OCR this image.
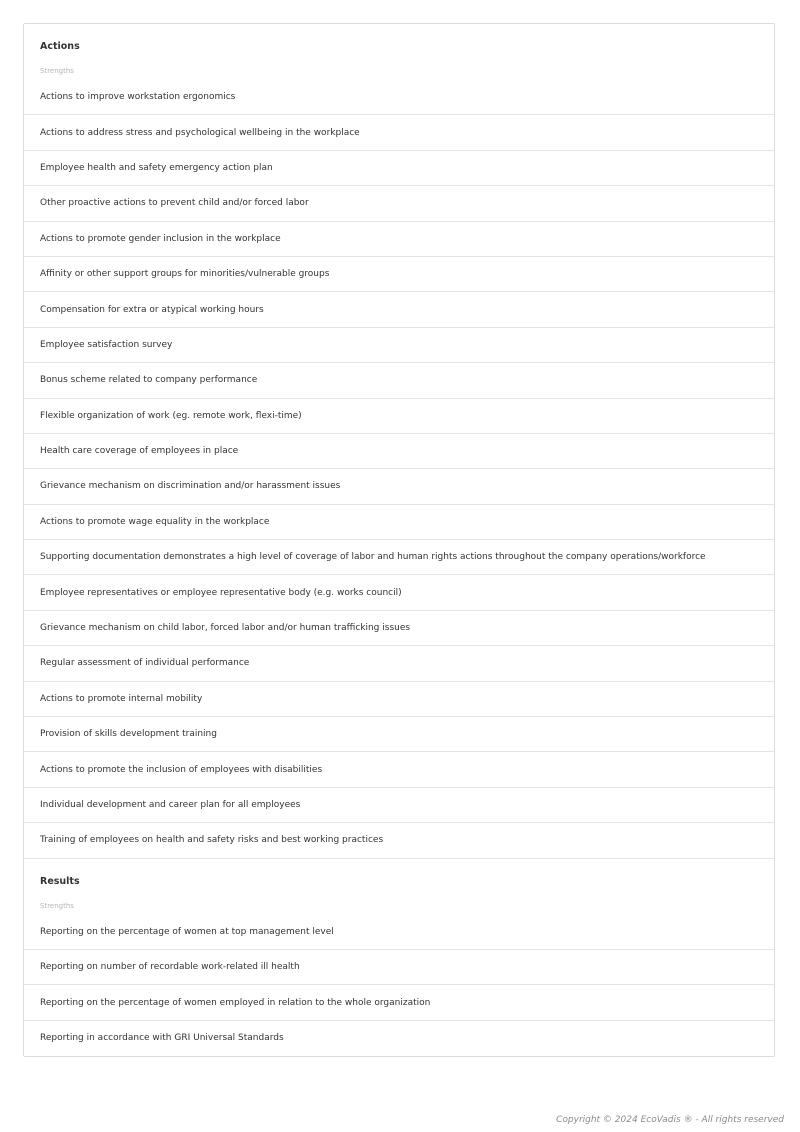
Actions
Strengths
Actions to improve workstation ergonomics
Actions to address stress and psychological wellbeing in the workplace
Employee health and safety emergency action plan
Other proactive actions to prevent child and/or forced labor
Actions to promote gender inclusion in the workplace
Affinity or other support groups for minorities/vulnerable groups
Compensation for extra or atypical working hours
Employee satisfaction survey
Bonus scheme related to company performance
Flexible organization of work (eg. remote work, flexi-time)
Health care coverage of employees in place
Grievance mechanism on discrimination and/or harassment issues
Actions to promote wage equality in the workplace
Supporting documentation demonstrates a high level of coverage of labor and human rights actions throughout the company operations/workforce
Employee representatives or employee representative body (e.g. works council)
Grievance mechanism on child labor, forced labor and/or human trafficking issues
Regular assessment of individual performance
Actions to promote internal mobility
Provision of skills development training
Actions to promote the inclusion of employees with disabilities
Individual development and career plan for all employees
Training of employees on health and safety risks and best working practices
Results
Strengths
Reporting on the percentage of women at top management level
Reporting on number of recordable work-related ill health
Reporting on the percentage of women employed in relation to the whole organization
Reporting in accordance with GRI Universal Standards
Copyright © 2024 EcoVadis ® - All rights reserved
